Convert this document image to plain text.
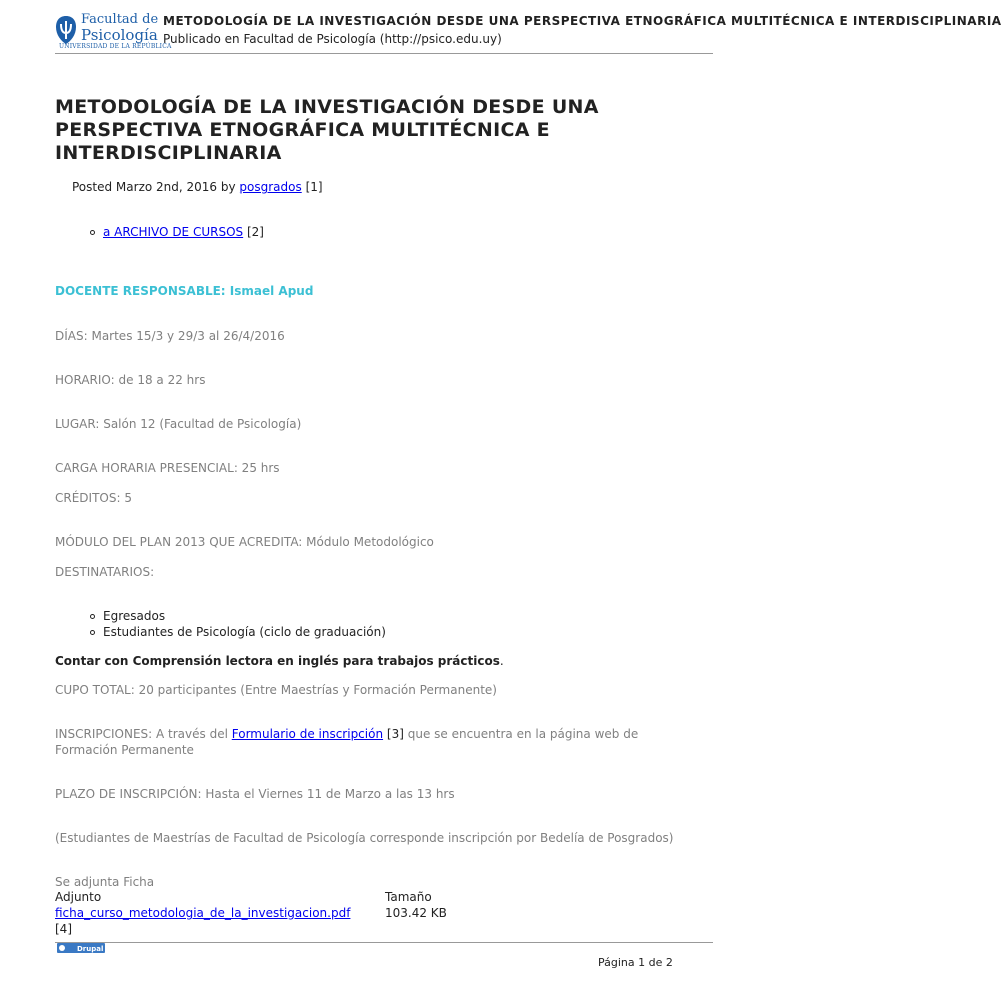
Facultad de
Psicología
UNIVERSIDAD DE LA REPÚBLICA
METODOLOGÍA DE LA INVESTIGACIÓN DESDE UNA PERSPECTIVA ETNOGRÁFICA MULTITÉCNICA E INTERDISCIPLINARIA
Publicado en Facultad de Psicología (http://psico.edu.uy)
METODOLOGÍA DE LA INVESTIGACIÓN DESDE UNA PERSPECTIVA ETNOGRÁFICA MULTITÉCNICA E INTERDISCIPLINARIA
Posted Marzo 2nd, 2016 by posgrados [1]
a ARCHIVO DE CURSOS [2]
DOCENTE RESPONSABLE: Ismael Apud
DÍAS: Martes 15/3 y 29/3 al 26/4/2016
HORARIO: de 18 a 22 hrs
LUGAR: Salón 12 (Facultad de Psicología)
CARGA HORARIA PRESENCIAL: 25 hrs
CRÉDITOS: 5
MÓDULO DEL PLAN 2013 QUE ACREDITA: Módulo Metodológico
DESTINATARIOS:
Egresados
Estudiantes de Psicología (ciclo de graduación)
Contar con Comprensión lectora en inglés para trabajos prácticos.
CUPO TOTAL: 20 participantes (Entre Maestrías y Formación Permanente)
INSCRIPCIONES: A través del Formulario de inscripción [3] que se encuentra en la página web de Formación Permanente
PLAZO DE INSCRIPCIÓN: Hasta el Viernes 11 de Marzo a las 13 hrs
(Estudiantes de Maestrías de Facultad de Psicología corresponde inscripción por Bedelía de Posgrados)
Se adjunta Ficha
Adjunto	Tamaño
ficha_curso_metodologia_de_la_investigacion.pdf	103.42 KB
[4]
Drupal
Página 1 de 2
